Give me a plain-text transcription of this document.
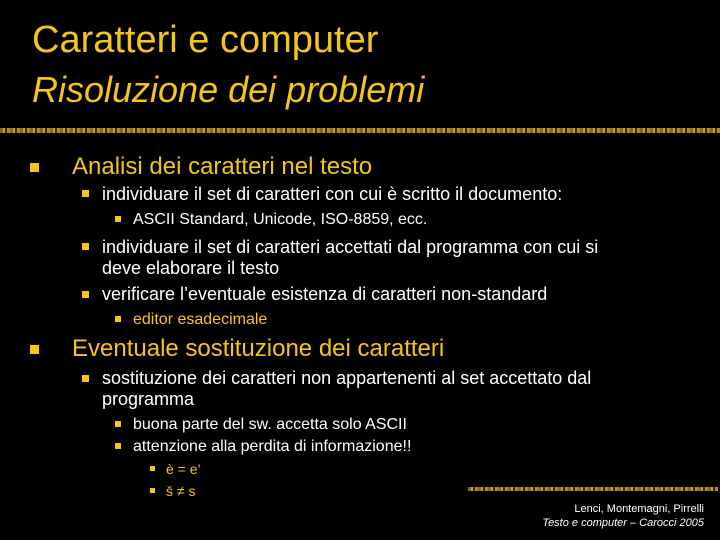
Caratteri e computer
Risoluzione dei problemi
Analisi dei caratteri nel testo
individuare il set di caratteri con cui è scritto il documento:
ASCII Standard, Unicode, ISO-8859, ecc.
individuare il set di caratteri accettati dal programma con cui si
deve elaborare il testo
verificare l’eventuale esistenza di caratteri non-standard
editor esadecimale
Eventuale sostituzione dei caratteri
sostituzione dei caratteri non appartenenti al set accettato dal
programma
buona parte del sw. accetta solo ASCII
attenzione alla perdita di informazione!!
è = e’
š ≠ s
Lenci, Montemagni, Pirrelli
Testo e computer – Carocci 2005
